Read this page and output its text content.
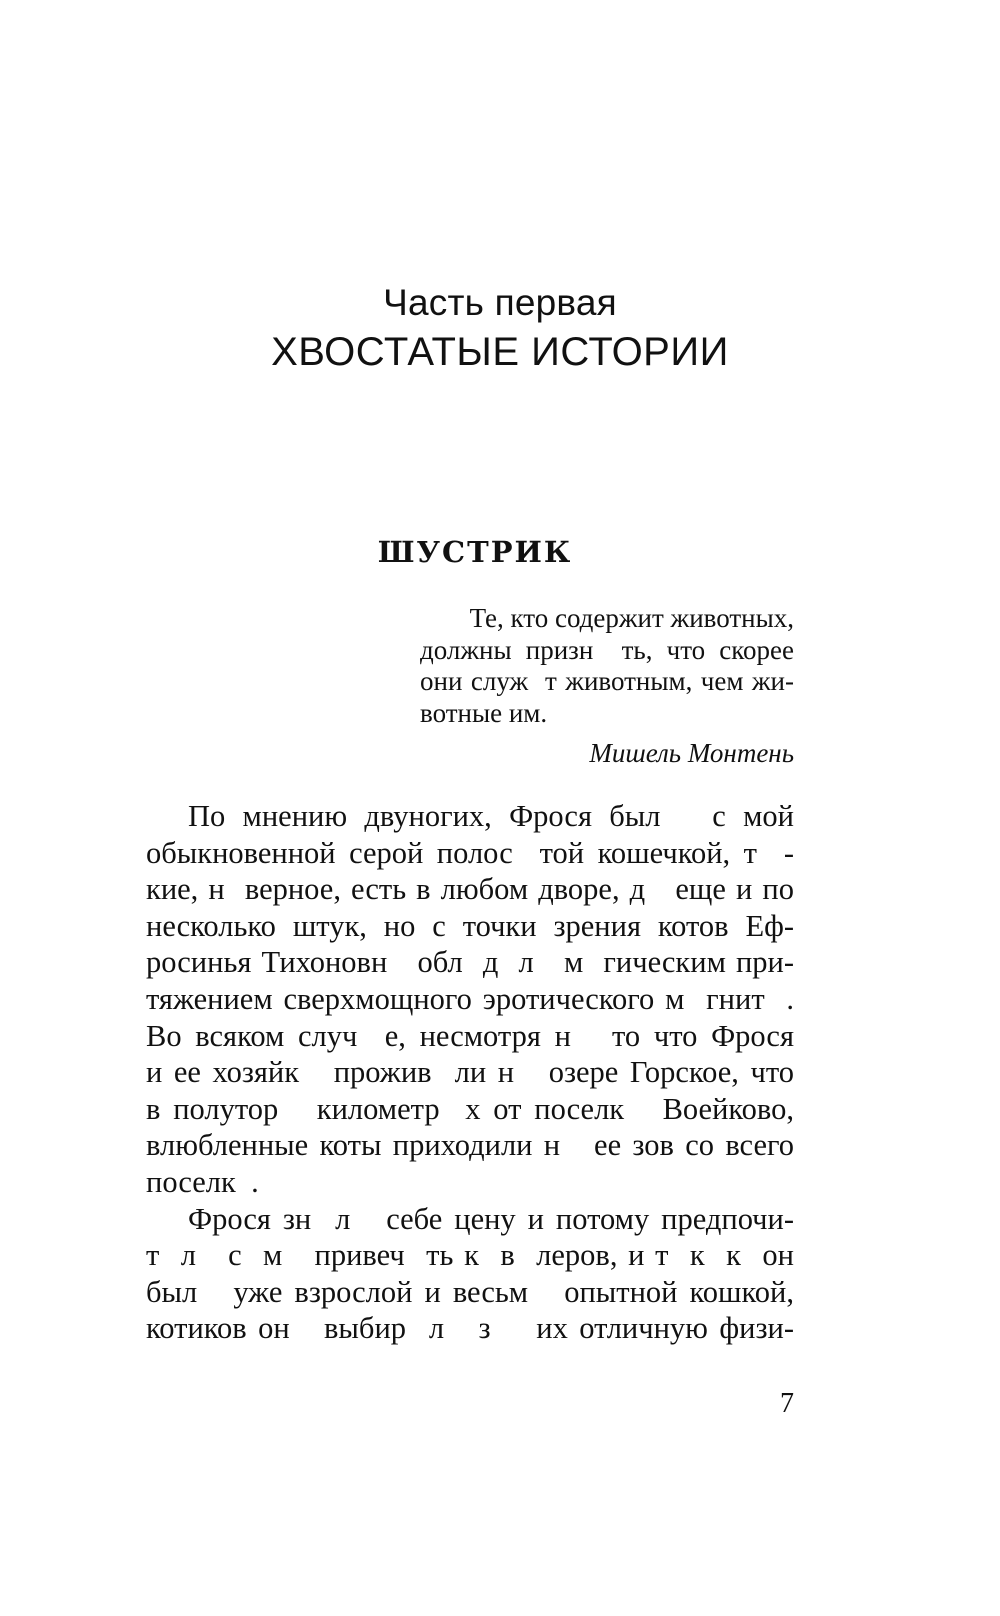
Часть первая
ХВОСТАТЫЕ ИСТОРИИ
ШУСТРИК
Те, кто содержит животных,
должны призн  ть, что скорее
они служ  т животным, чем жи-
вотные им.
Мишель Монтень
По мнению двуногих, Фрося был   с мой
обыкновенной серой полос  той кошечкой, т  -
кие, н  верное, есть в любом дворе, д   еще и по
несколько штук, но с точки зрения котов Еф-
росинья Тихоновн   обл  д  л   м  гическим при-
тяжением сверхмощного эротического м  гнит  .
Во всяком случ  е, несмотря н   то что Фрося
и ее хозяйк   прожив  ли н   озере Горское, что
в полутор   километр  х от поселк   Воейково,
влюбленные коты приходили н   ее зов со всего
поселк  .
Фрося зн  л   себе цену и потому предпочи-
т  л   с  м   привеч  ть к  в  леров, и т  к  к  он
был   уже взрослой и весьм   опытной кошкой,
котиков он   выбир  л   з    их отличную физи-
7
